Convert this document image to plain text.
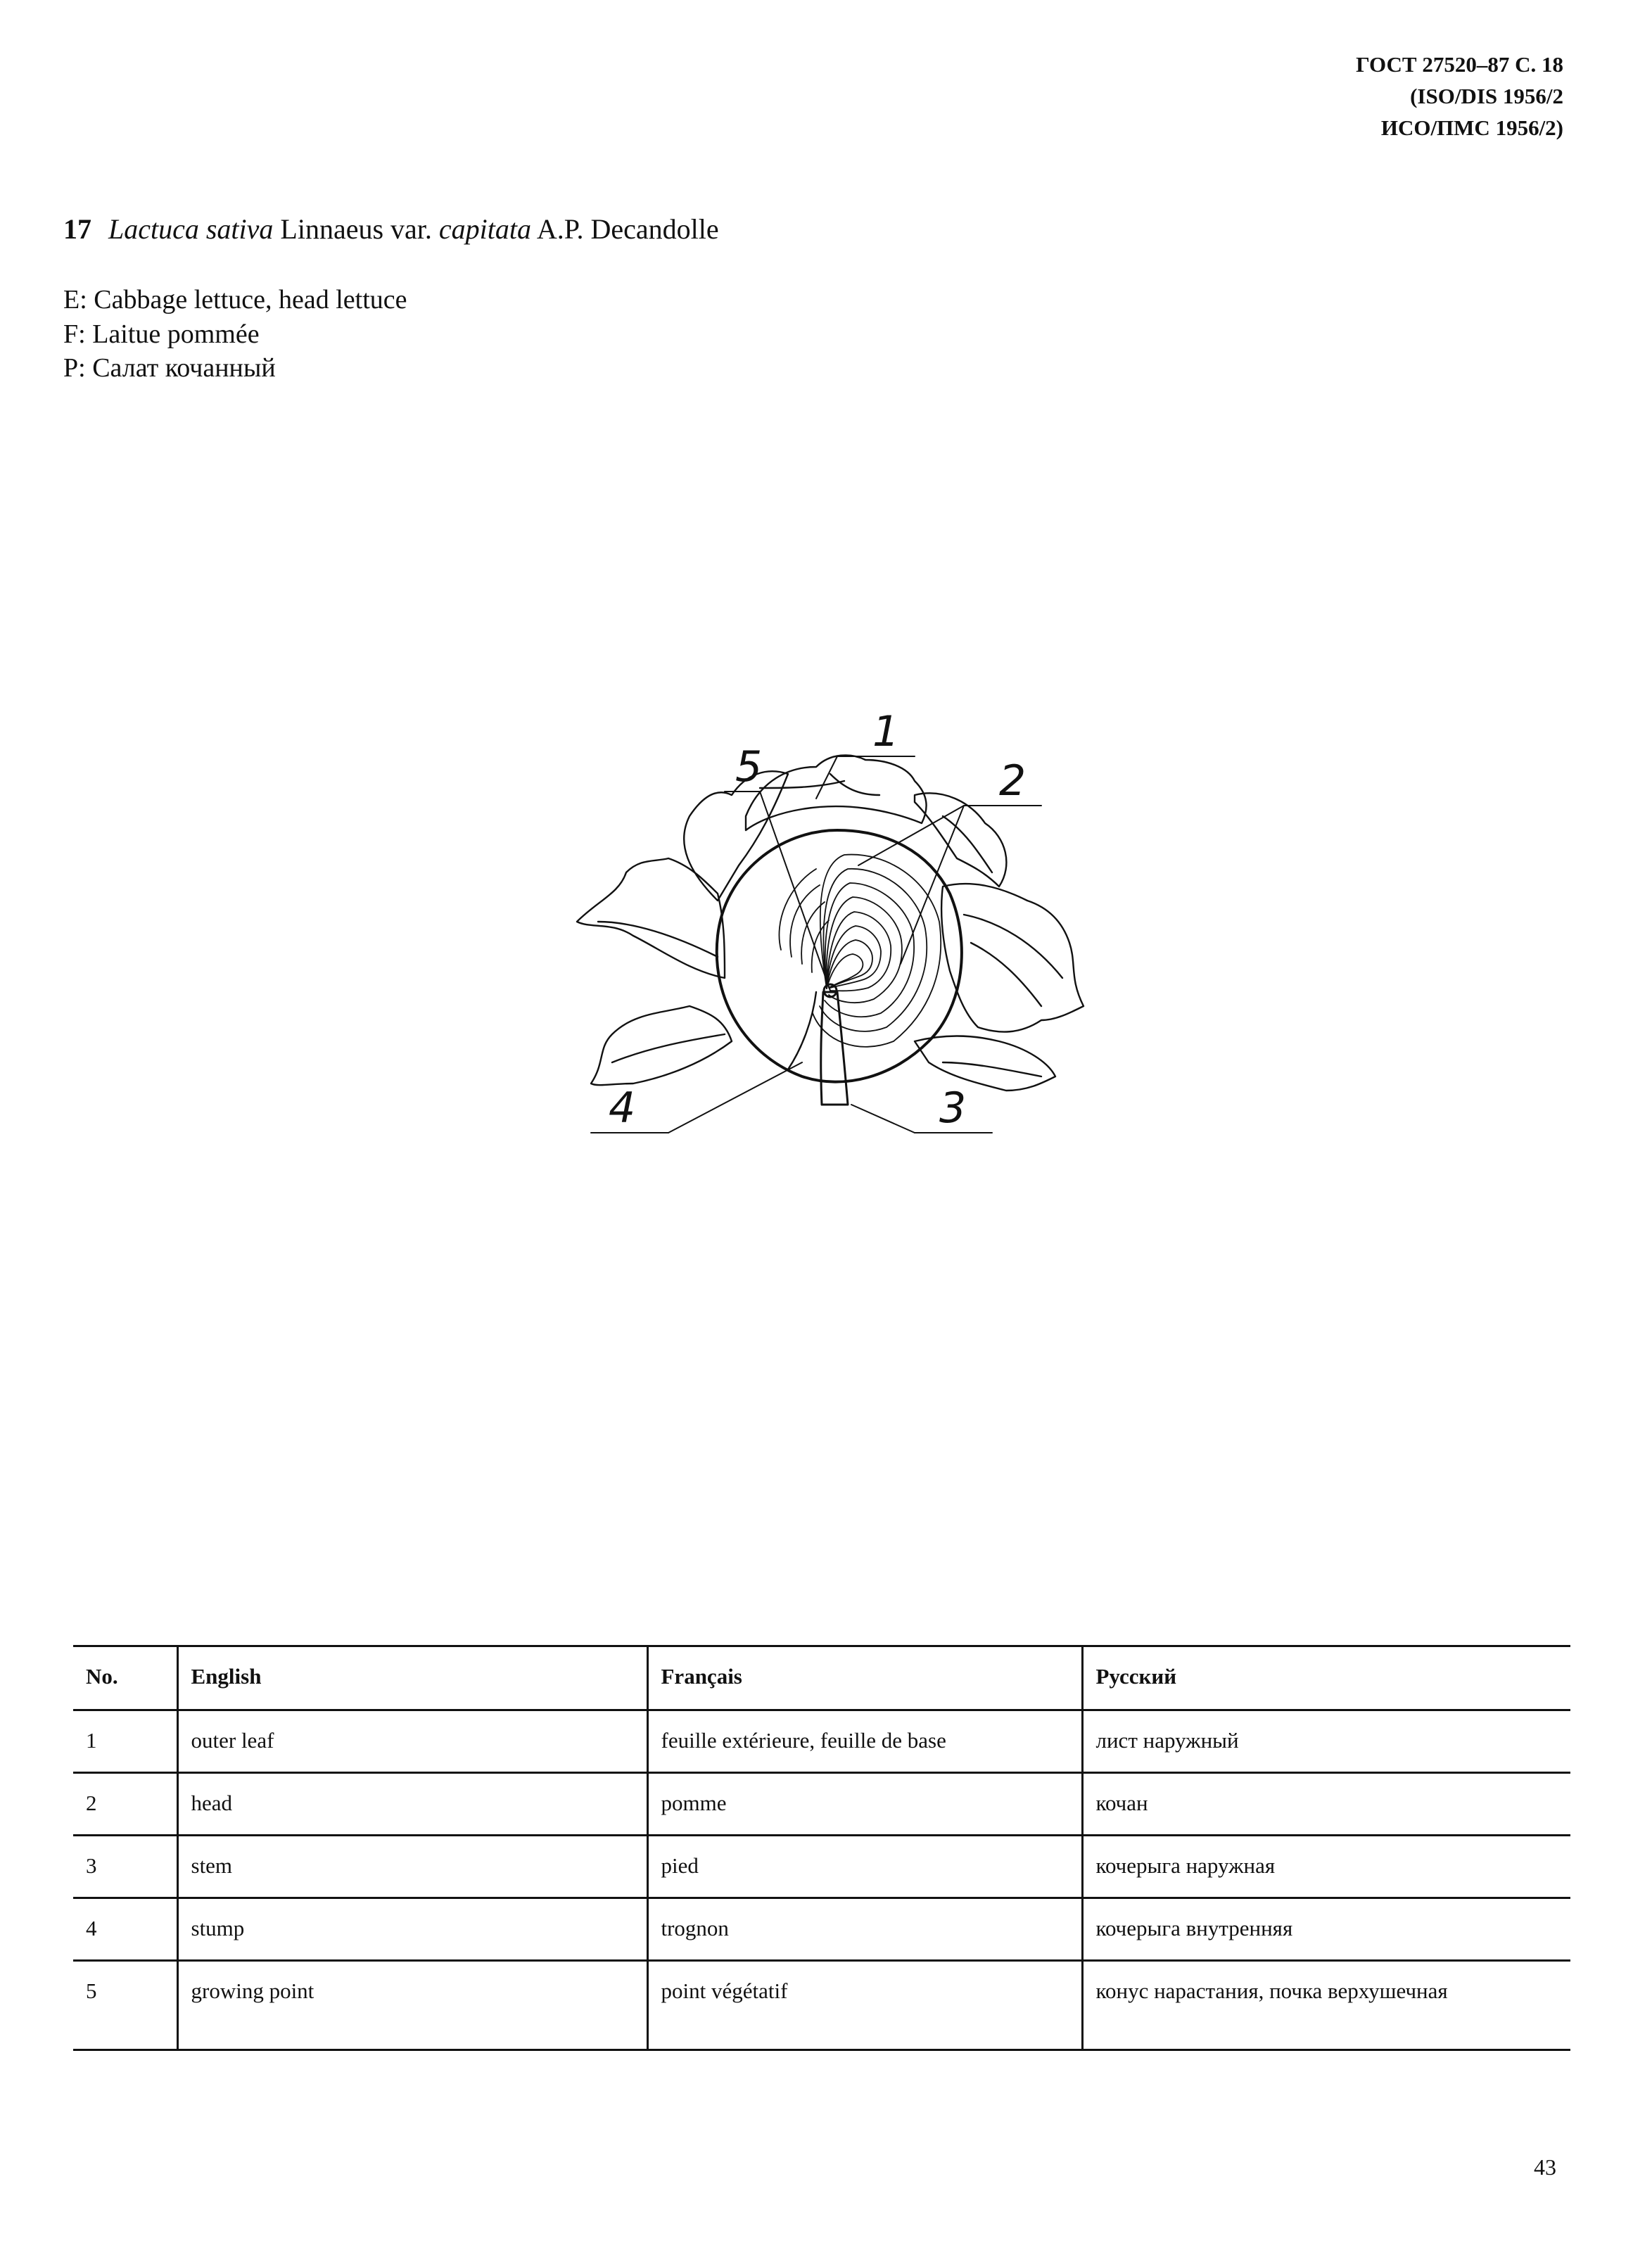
ГОСТ 27520–87 С. 18
(ISO/DIS 1956/2
ИСО/ПМС 1956/2)
17 Lactuca sativa Linnaeus var. capitata A.P. Decandolle
E: Cabbage lettuce, head lettuce
F: Laitue pommée
P: Салат кочанный
5
1
2
4	3
No.	English	Français	Русский
1	outer leaf	feuille extérieure, feuille de base	лист наружный
2	head	pomme	кочан
3	stem	pied	кочерыга наружная
4	stump	trognon	кочерыга внутренняя
5	growing point	point végétatif	конус нарастания, почка верхушечная
43
